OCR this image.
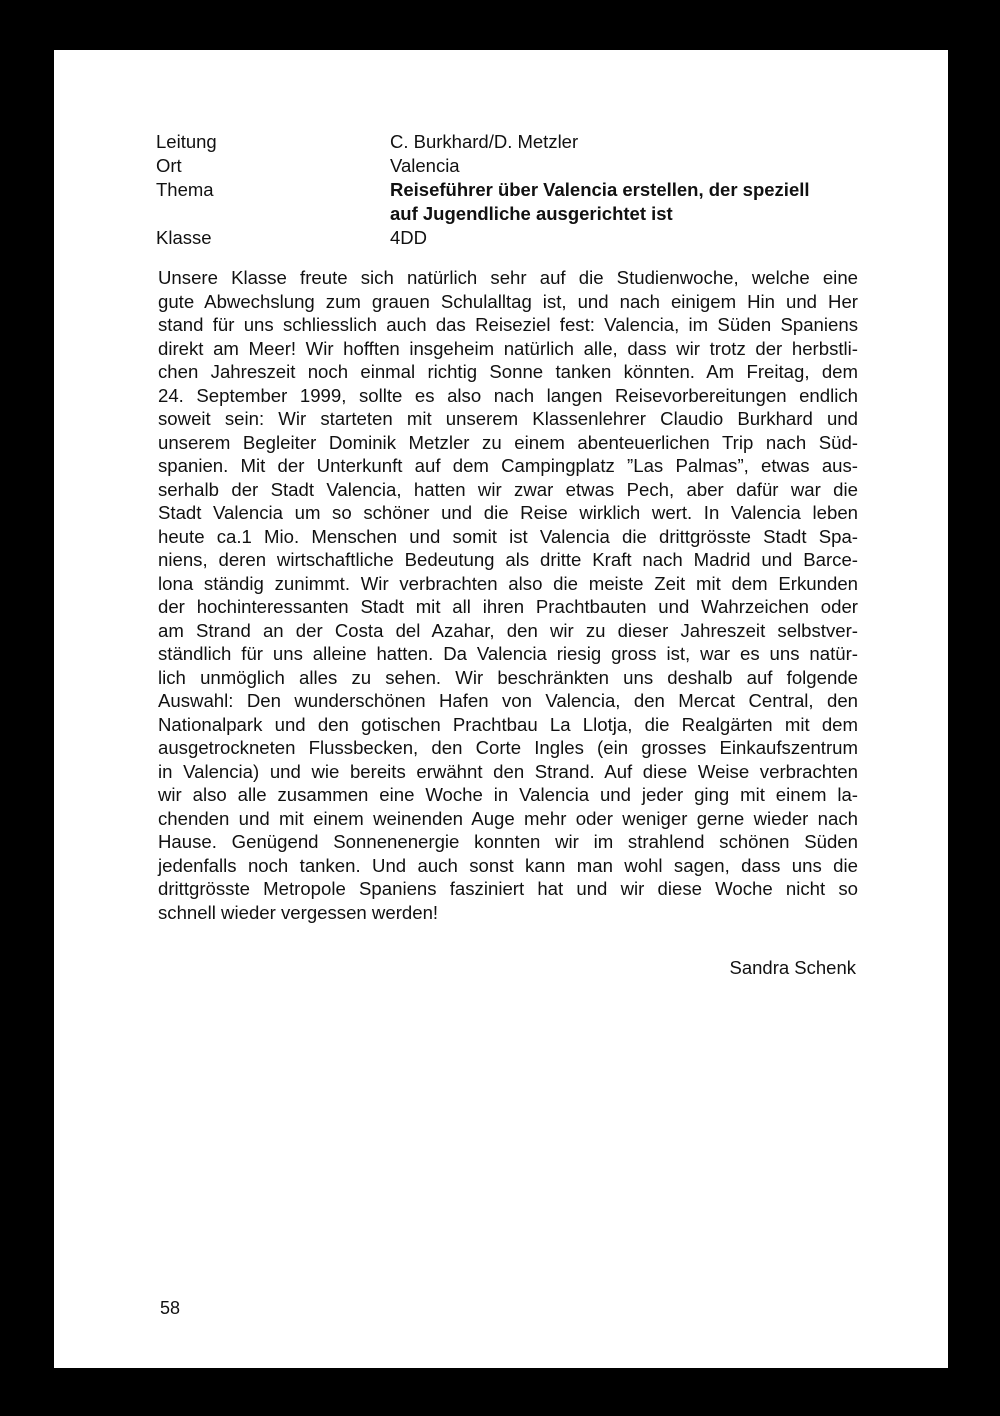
Leitung	C. Burkhard/D. Metzler
Ort	Valencia
Thema	Reiseführer über Valencia erstellen, der speziell
auf Jugendliche ausgerichtet ist
Klasse	4DD
Unsere Klasse freute sich natürlich sehr auf die Studienwoche, welche eine
gute Abwechslung zum grauen Schulalltag ist, und nach einigem Hin und Her
stand für uns schliesslich auch das Reiseziel fest: Valencia, im Süden Spaniens
direkt am Meer! Wir hofften insgeheim natürlich alle, dass wir trotz der herbstli-
chen Jahreszeit noch einmal richtig Sonne tanken könnten. Am Freitag, dem
24. September 1999, sollte es also nach langen Reisevorbereitungen endlich
soweit sein: Wir starteten mit unserem Klassenlehrer Claudio Burkhard und
unserem Begleiter Dominik Metzler zu einem abenteuerlichen Trip nach Süd-
spanien. Mit der Unterkunft auf dem Campingplatz ”Las Palmas”, etwas aus-
serhalb der Stadt Valencia, hatten wir zwar etwas Pech, aber dafür war die
Stadt Valencia um so schöner und die Reise wirklich wert. In Valencia leben
heute ca.1 Mio. Menschen und somit ist Valencia die drittgrösste Stadt Spa-
niens, deren wirtschaftliche Bedeutung als dritte Kraft nach Madrid und Barce-
lona ständig zunimmt. Wir verbrachten also die meiste Zeit mit dem Erkunden
der hochinteressanten Stadt mit all ihren Prachtbauten und Wahrzeichen oder
am Strand an der Costa del Azahar, den wir zu dieser Jahreszeit selbstver-
ständlich für uns alleine hatten. Da Valencia riesig gross ist, war es uns natür-
lich unmöglich alles zu sehen. Wir beschränkten uns deshalb auf folgende
Auswahl: Den wunderschönen Hafen von Valencia, den Mercat Central, den
Nationalpark und den gotischen Prachtbau La Llotja, die Realgärten mit dem
ausgetrockneten Flussbecken, den Corte Ingles (ein grosses Einkaufszentrum
in Valencia) und wie bereits erwähnt den Strand. Auf diese Weise verbrachten
wir also alle zusammen eine Woche in Valencia und jeder ging mit einem la-
chenden und mit einem weinenden Auge mehr oder weniger gerne wieder nach
Hause. Genügend Sonnenenergie konnten wir im strahlend schönen Süden
jedenfalls noch tanken. Und auch sonst kann man wohl sagen, dass uns die
drittgrösste Metropole Spaniens fasziniert hat und wir diese Woche nicht so
schnell wieder vergessen werden!
Sandra Schenk
58
